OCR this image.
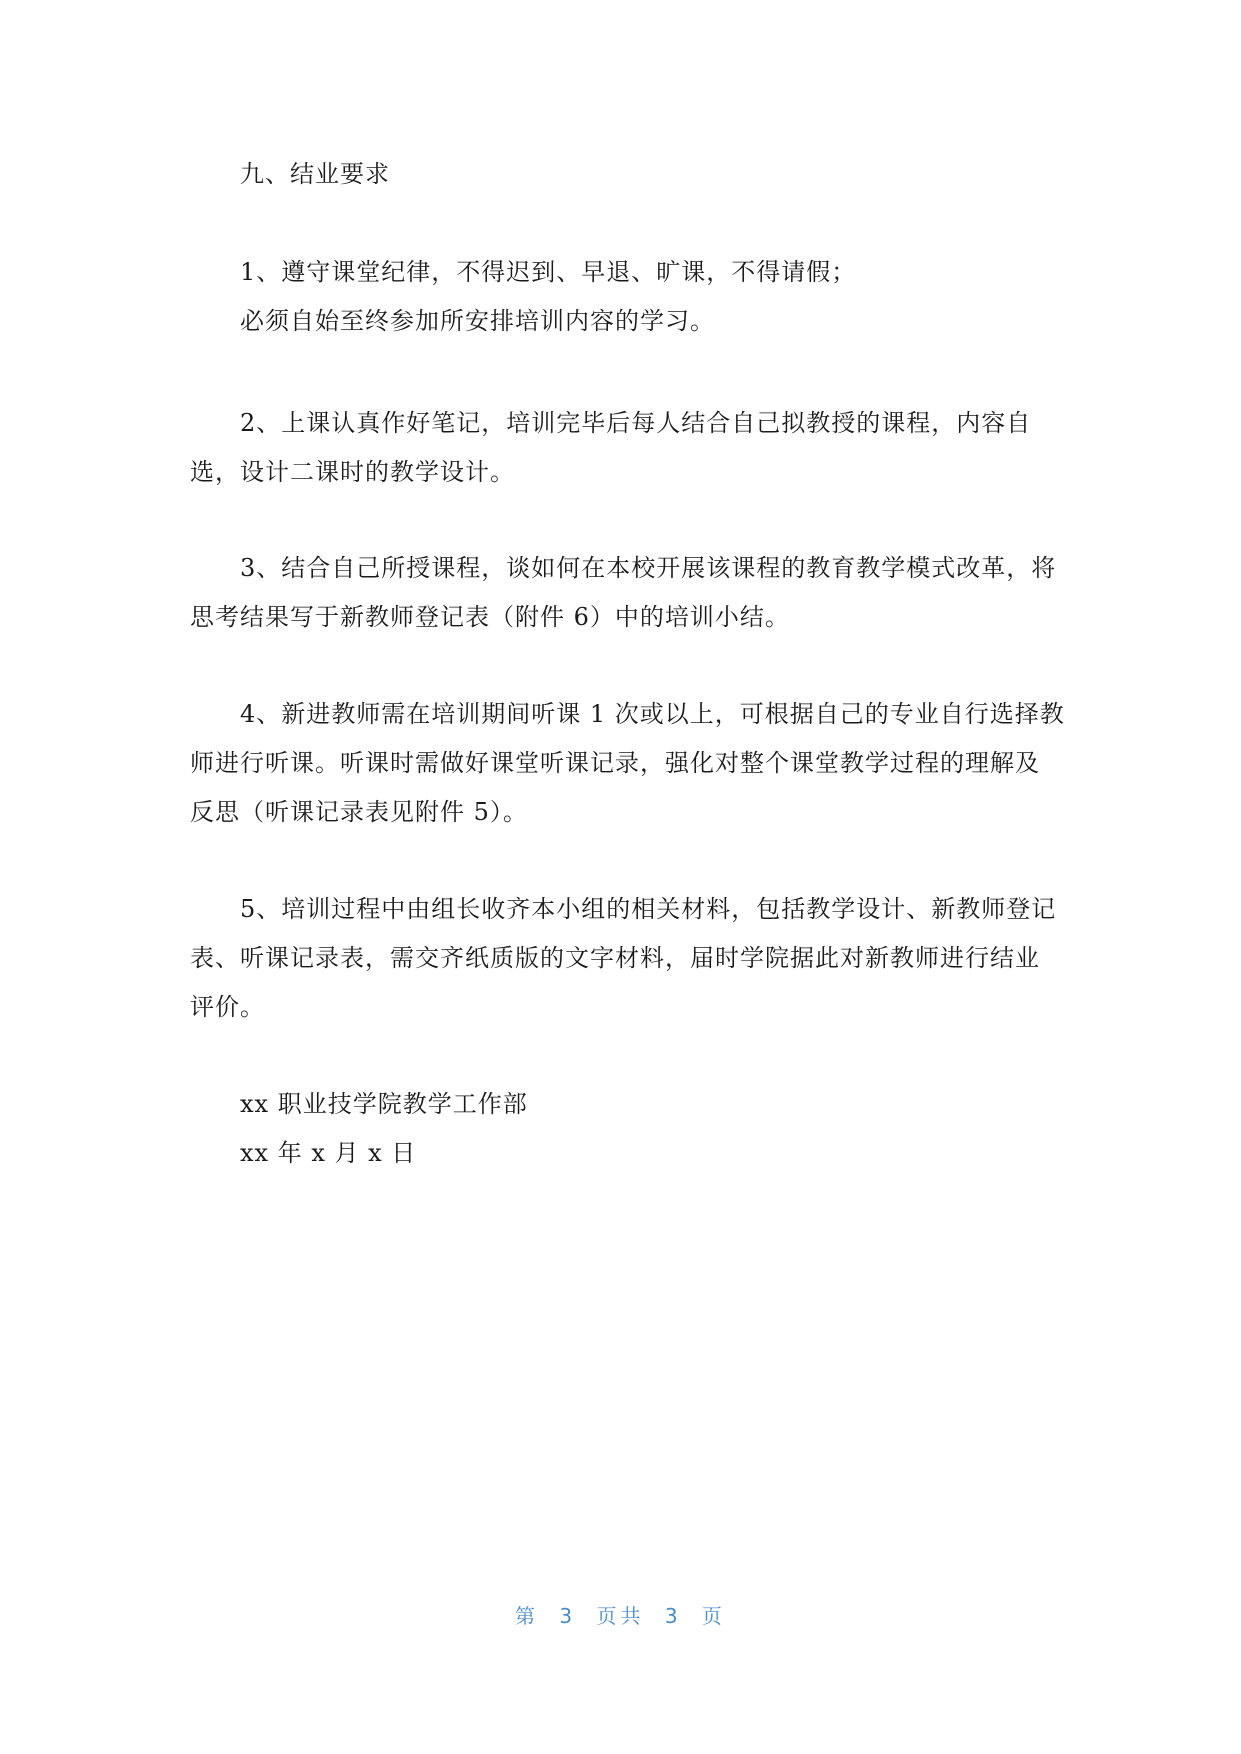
九、结业要求
1、遵守课堂纪律，不得迟到、早退、旷课，不得请假；
必须自始至终参加所安排培训内容的学习。
2、上课认真作好笔记，培训完毕后每人结合自己拟教授的课程，内容自
选，设计二课时的教学设计。
3、结合自己所授课程，谈如何在本校开展该课程的教育教学模式改革，将
思考结果写于新教师登记表（附件 6）中的培训小结。
4、新进教师需在培训期间听课 1 次或以上，可根据自己的专业自行选择教
师进行听课。听课时需做好课堂听课记录，强化对整个课堂教学过程的理解及
反思（听课记录表见附件 5）。
5、培训过程中由组长收齐本小组的相关材料，包括教学设计、新教师登记
表、听课记录表，需交齐纸质版的文字材料，届时学院据此对新教师进行结业
评价。
xx 职业技学院教学工作部
xx 年 x 月 x 日
第 3 页共 3 页
